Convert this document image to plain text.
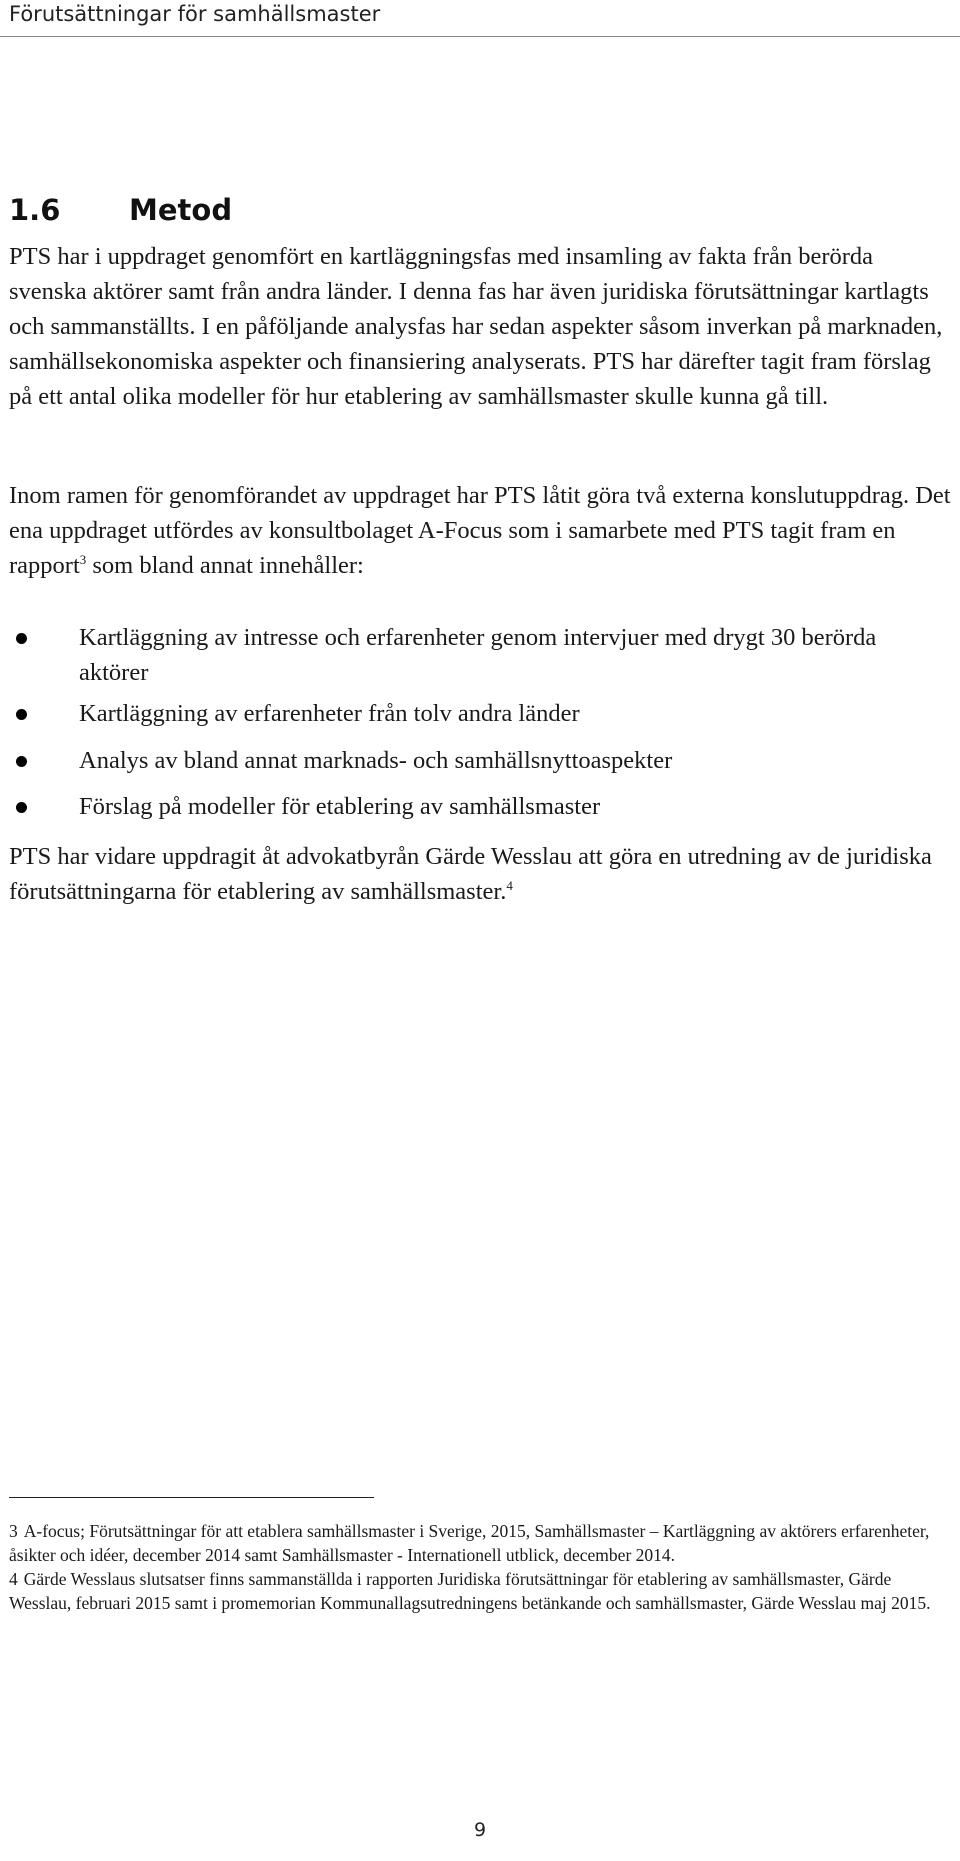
Förutsättningar för samhällsmaster
1.6 Metod
PTS har i uppdraget genomfört en kartläggningsfas med insamling av fakta från berörda svenska aktörer samt från andra länder. I denna fas har även juridiska förutsättningar kartlagts och sammanställts. I en påföljande analysfas har sedan aspekter såsom inverkan på marknaden, samhällsekonomiska aspekter och finansiering analyserats. PTS har därefter tagit fram förslag på ett antal olika modeller för hur etablering av samhällsmaster skulle kunna gå till.
Inom ramen för genomförandet av uppdraget har PTS låtit göra två externa konslutuppdrag. Det ena uppdraget utfördes av konsultbolaget A-Focus som i samarbete med PTS tagit fram en rapport$^3$ som bland annat innehåller:
Kartläggning av intresse och erfarenheter genom intervjuer med drygt 30 berörda aktörer
Kartläggning av erfarenheter från tolv andra länder
Analys av bland annat marknads- och samhällsnyttoaspekter
Förslag på modeller för etablering av samhällsmaster
PTS har vidare uppdragit åt advokatbyrån Gärde Wesslau att göra en utredning av de juridiska förutsättningarna för etablering av samhällsmaster.$^4$

3 A-focus; Förutsättningar för att etablera samhällsmaster i Sverige, 2015, Samhällsmaster – Kartläggning av aktörers erfarenheter, åsikter och idéer, december 2014 samt Samhällsmaster - Internationell utblick, december 2014.

4 Gärde Wesslaus slutsatser finns sammanställda i rapporten Juridiska förutsättningar för etablering av samhällsmaster, Gärde Wesslau, februari 2015 samt i promemorian Kommunallagsutredningens betänkande och samhällsmaster, Gärde Wesslau maj 2015.

9
